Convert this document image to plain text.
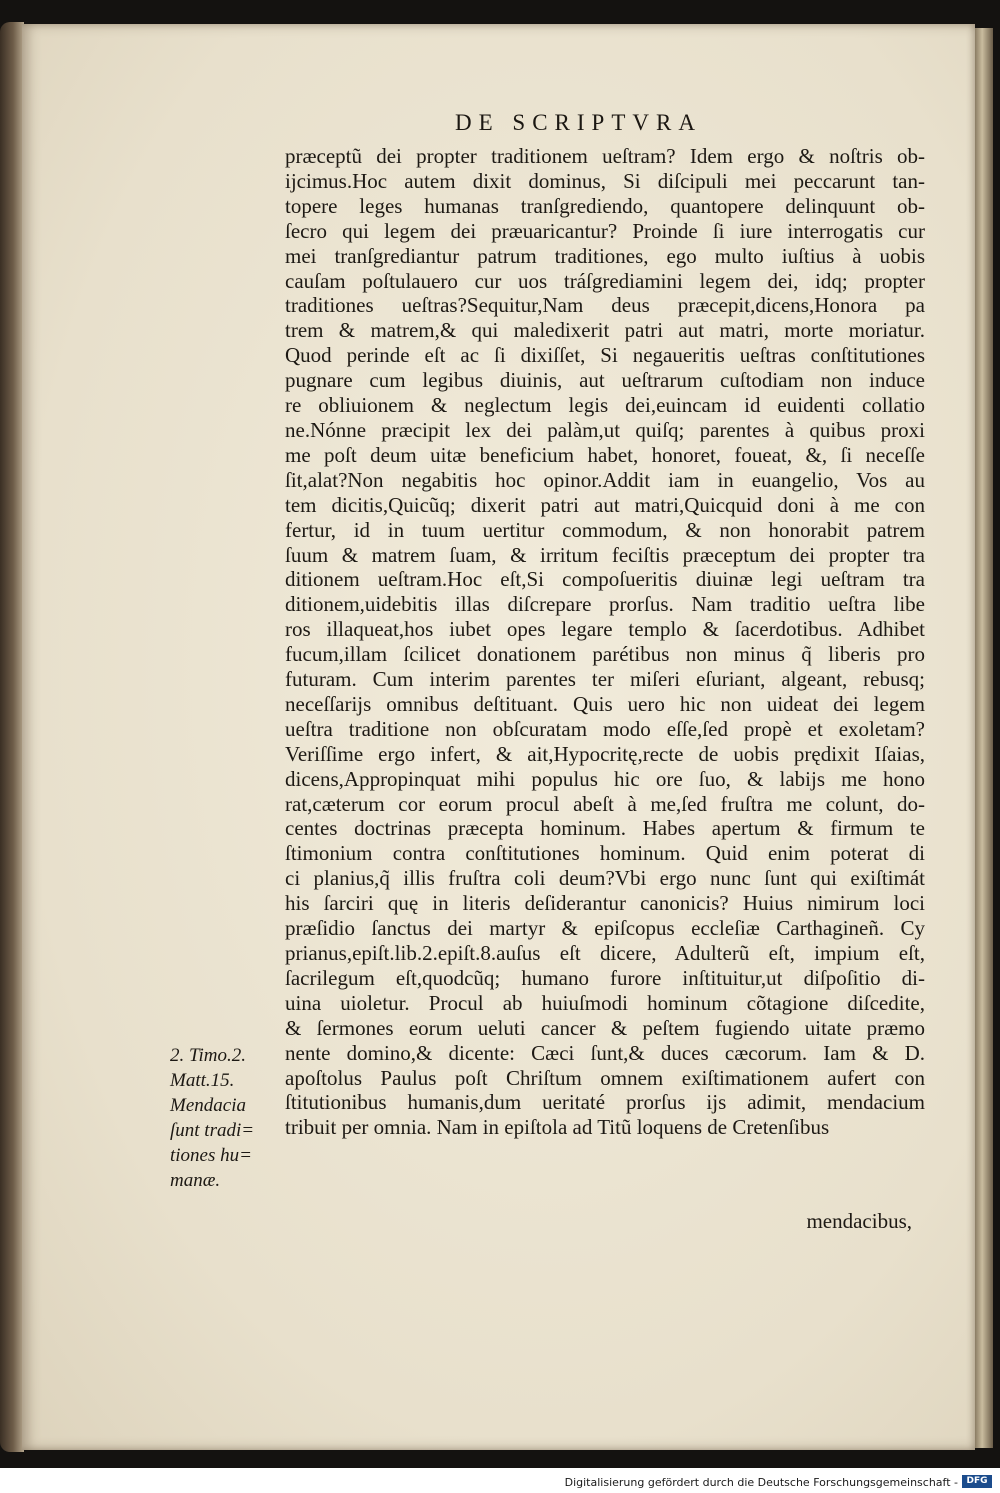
DE SCRIPTVRA
præceptũ dei propter traditionem ueſtram? Idem ergo & noſtris ob-
ijcimus.Hoc autem dixit dominus, Si diſcipuli mei peccarunt tan-
topere leges humanas tranſgrediendo, quantopere delinquunt ob-
ſecro qui legem dei præuaricantur? Proinde ſi iure interrogatis cur
mei tranſgrediantur patrum traditiones, ego multo iuſtius à uobis
cauſam poſtulauero cur uos tráſgrediamini legem dei, idq; propter
traditiones ueſtras?Sequitur,Nam deus præcepit,dicens,Honora pa
trem & matrem,& qui maledixerit patri aut matri, morte moriatur.
Quod perinde eſt ac ſi dixiſſet, Si negaueritis ueſtras conſtitutiones
pugnare cum legibus diuinis, aut ueſtrarum cuſtodiam non induce
re obliuionem & neglectum legis dei,euincam id euidenti collatio
ne.Nónne præcipit lex dei palàm,ut quiſq; parentes à quibus proxi
me poſt deum uitæ beneficium habet, honoret, foueat, &, ſi neceſſe
ſit,alat?Non negabitis hoc opinor.Addit iam in euangelio, Vos au
tem dicitis,Quicũq; dixerit patri aut matri,Quicquid doni à me con
fertur, id in tuum uertitur commodum, & non honorabit patrem
ſuum & matrem ſuam, & irritum feciſtis præceptum dei propter tra
ditionem ueſtram.Hoc eſt,Si compoſueritis diuinæ legi ueſtram tra
ditionem,uidebitis illas diſcrepare prorſus. Nam traditio ueſtra libe
ros illaqueat,hos iubet opes legare templo & ſacerdotibus. Adhibet
fucum,illam ſcilicet donationem parétibus non minus q̃ liberis pro
futuram. Cum interim parentes ter miſeri eſuriant, algeant, rebusq;
neceſſarijs omnibus deſtituant. Quis uero hic non uideat dei legem
ueſtra traditione non obſcuratam modo eſſe,ſed propè et exoletam?
Veriſſime ergo infert, & ait,Hypocritę,recte de uobis prędixit Iſaias,
dicens,Appropinquat mihi populus hic ore ſuo, & labijs me hono
rat,cæterum cor eorum procul abeſt à me,ſed fruſtra me colunt, do-
centes doctrinas præcepta hominum. Habes apertum & firmum te
ſtimonium contra conſtitutiones hominum. Quid enim poterat di
ci planius,q̃ illis fruſtra coli deum?Vbi ergo nunc ſunt qui exiſtimát
his ſarciri quę in literis deſiderantur canonicis? Huius nimirum loci
præſidio ſanctus dei martyr & epiſcopus eccleſiæ Carthagineñ. Cy
prianus,epiſt.lib.2.epiſt.8.auſus eſt dicere, Adulterũ eſt, impium eſt,
ſacrilegum eſt,quodcũq; humano furore inſtituitur,ut diſpoſitio di-
uina uioletur. Procul ab huiuſmodi hominum cõtagione diſcedite,
& ſermones eorum ueluti cancer & peſtem fugiendo uitate præmo
nente domino,& dicente: Cæci ſunt,& duces cæcorum. Iam & D.
apoſtolus Paulus poſt Chriſtum omnem exiſtimationem aufert con
ſtitutionibus humanis,dum ueritaté prorſus ijs adimit, mendacium
tribuit per omnia. Nam in epiſtola ad Titũ loquens de Cretenſibus
mendacibus,
2. Timo.2.
Matt.15.
Mendacia
ſunt tradi=
tiones hu=
manæ.
Digitalisierung gefördert durch die Deutsche Forschungsgemeinschaft - DFG
